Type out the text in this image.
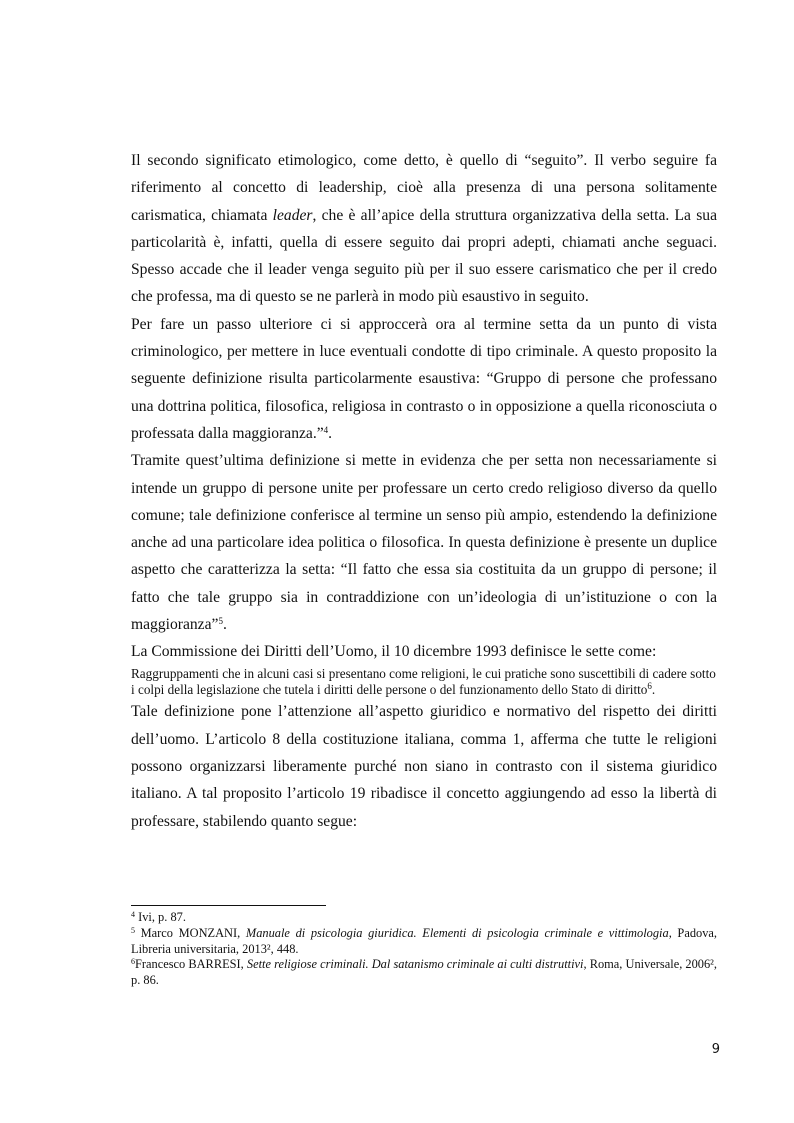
Il secondo significato etimologico, come detto, è quello di “seguito”. Il verbo seguire fa riferimento al concetto di leadership, cioè alla presenza di una persona solitamente carismatica, chiamata leader, che è all’apice della struttura organizzativa della setta. La sua particolarità è, infatti, quella di essere seguito dai propri adepti, chiamati anche seguaci. Spesso accade che il leader venga seguito più per il suo essere carismatico che per il credo che professa, ma di questo se ne parlerà in modo più esaustivo in seguito.

Per fare un passo ulteriore ci si approccerà ora al termine setta da un punto di vista criminologico, per mettere in luce eventuali condotte di tipo criminale. A questo proposito la seguente definizione risulta particolarmente esaustiva: “Gruppo di persone che professano una dottrina politica, filosofica, religiosa in contrasto o in opposizione a quella riconosciuta o professata dalla maggioranza.”$^4$.

Tramite quest’ultima definizione si mette in evidenza che per setta non necessariamente si intende un gruppo di persone unite per professare un certo credo religioso diverso da quello comune; tale definizione conferisce al termine un senso più ampio, estendendo la definizione anche ad una particolare idea politica o filosofica. In questa definizione è presente un duplice aspetto che caratterizza la setta: “Il fatto che essa sia costituita da un gruppo di persone; il fatto che tale gruppo sia in contraddizione con un’ideologia di un’istituzione o con la maggioranza”$^5$.

La Commissione dei Diritti dell’Uomo, il 10 dicembre 1993 definisce le sette come:

Raggruppamenti che in alcuni casi si presentano come religioni, le cui pratiche sono suscettibili di cadere sotto i colpi della legislazione che tutela i diritti delle persone o del funzionamento dello Stato di diritto$^6$.

Tale definizione pone l’attenzione all’aspetto giuridico e normativo del rispetto dei diritti dell’uomo. L’articolo 8 della costituzione italiana, comma 1, afferma che tutte le religioni possono organizzarsi liberamente purché non siano in contrasto con il sistema giuridico italiano. A tal proposito l’articolo 19 ribadisce il concetto aggiungendo ad esso la libertà di professare, stabilendo quanto segue:

$^4$ Ivi, p. 87.

$^5$ Marco MONZANI, Manuale di psicologia giuridica. Elementi di psicologia criminale e vittimologia, Padova, Libreria universitaria, 2013², 448.

$^6$Francesco BARRESI, Sette religiose criminali. Dal satanismo criminale ai culti distruttivi, Roma, Universale, 2006², p. 86.

9
